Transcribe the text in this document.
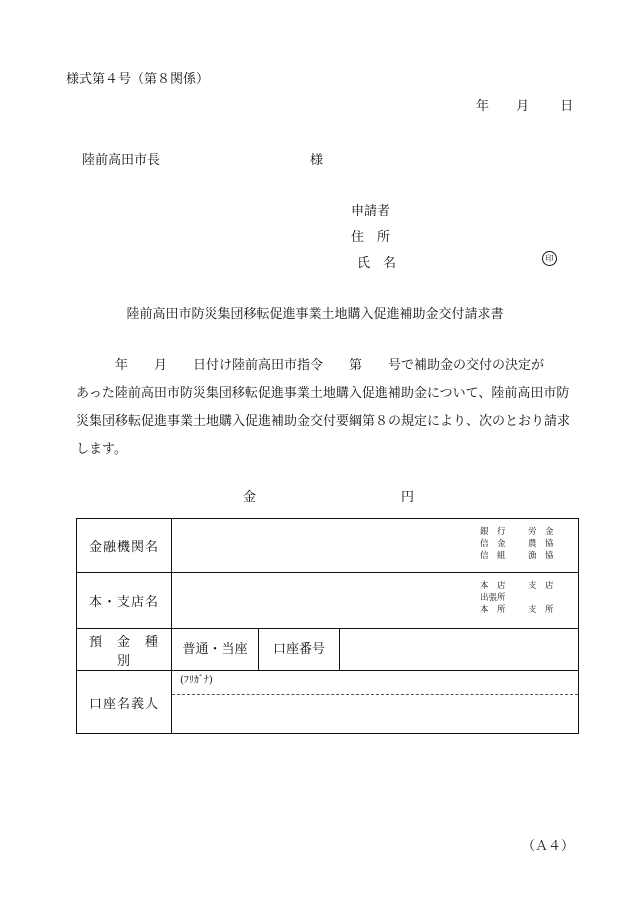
様式第４号（第８関係）
年 月 日
陸前高田市長	様
申請者
住　所
氏　名	印
陸前高田市防災集団移転促進事業土地購入促進補助金交付請求書
　　　年　　月　　日付け陸前高田市指令　　第　　号で補助金の交付の決定が
あった陸前高田市防災集団移転促進事業土地購入促進補助金について、陸前高田市防
災集団移転促進事業土地購入促進補助金交付要綱第８の規定により、次のとおり請求
します。
金	円
金融機関名	銀　行 労　金
信　金 農　協
信　組 漁　協

本・支店名	本　店 支　店
出張所
本　所 支　所

預　金　種　別	普通・当座 口座番号

口座名義人	(ﾌﾘｶﾞﾅ)
（Ａ４）
